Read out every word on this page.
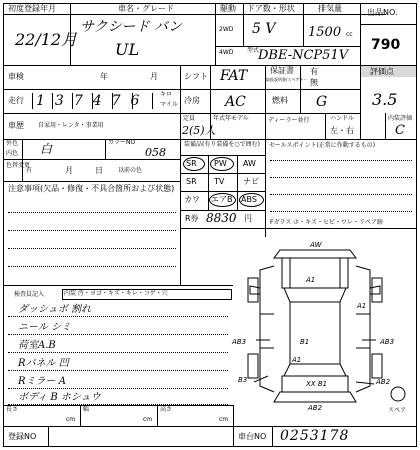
初度登録年月
22/12月
車名・グレード
サクシード バン
UL
駆動
2WD
4WD
ドア数・形状
5 V
排気量
1500 cc
型式
DBE-NCP51V
出品NO.
790
車検	年	月	シフト FAT	保証書
取扱説明書/スペアキー
有
無
評価点
3.5
走行 137476 キロ
マイル 冷房 AC	燃料 G
車歴 自家用・レンタ・事業用
定員
2(5)人
年式年モデル	ディーラー並行	ハンドル
左・右
内装評価
C
外色 白	カラーNO
058
内色
色替変更
有	月	日	以前の色
注意事項(欠品・修復・不具合箇所および状態)
装備品(有り装備を○で囲む)
SR PW AW
SR TV ナビ
カワ エアB ABS
R券 8830 円
セールスポイント(正常に作動するもの)
Fガラス ホ・キズ・ヒビ・ワレ・リペア跡
検査員記入	内装 汚・ヨゴ・キズ・キレ・コゲ・穴
ダッシュボ 割れ
ニール シミ
荷室A.B
Rパネル 凹
Rミラー A
ボディ B ホシュウ
AW
A1
A1
AB3	B1	AB3
A1
B3	XX B1	AB2
AB2	スペア
長さ
cm
幅
cm
高さ
cm
登録NO	車台NO 0253178
